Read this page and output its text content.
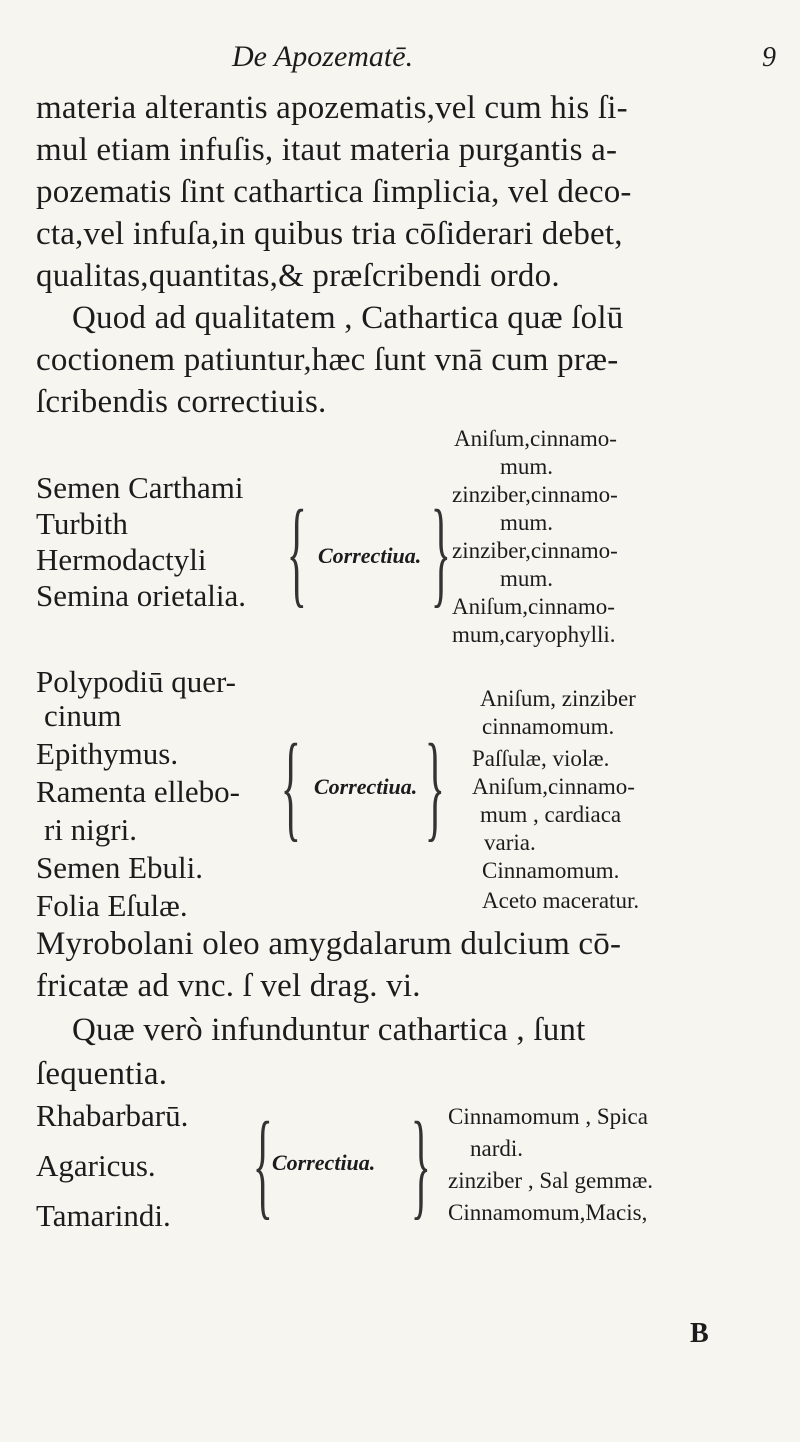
De Apozematē.	9
materia alterantis apozematis,vel cum his ſi-
mul etiam infuſis, itaut materia purgantis a-
pozematis ſint cathartica ſimplicia, vel deco-
cta,vel infuſa,in quibus tria cōſiderari debet,
qualitas,quantitas,& præſcribendi ordo.
Quod ad qualitatem , Cathartica quæ ſolū
coctionem patiuntur,hæc ſunt vnā cum præ-
ſcribendis correctiuis.
Semen Carthami
Turbith
Hermodactyli
Semina orietalia. { Correctiua. }
Aniſum,cinnamo-
mum.
zinziber,cinnamo-
mum.
zinziber,cinnamo-
mum.
Aniſum,cinnamo-
mum,caryophylli.
Polypodiū quer-
cinum
Epithymus.
Ramenta ellebo-
ri nigri.
Semen Ebuli.
Folia Eſulæ.
{ Correctiua. }
Aniſum, zinziber
cinnamomum.
Paſſulæ, violæ.
Aniſum,cinnamo-
mum , cardiaca
varia.
Cinnamomum.
Aceto maceratur.
Myrobolani oleo amygdalarum dulcium cō-
fricatæ ad vnc. ſ vel drag. vi.
Quæ verò infunduntur cathartica , ſunt
ſequentia.
Rhabarbarū.
Agaricus.
Tamarindi. { Correctiua. } Cinnamomum , Spica
nardi.
zinziber , Sal gemmæ.
Cinnamomum,Macis,
B
